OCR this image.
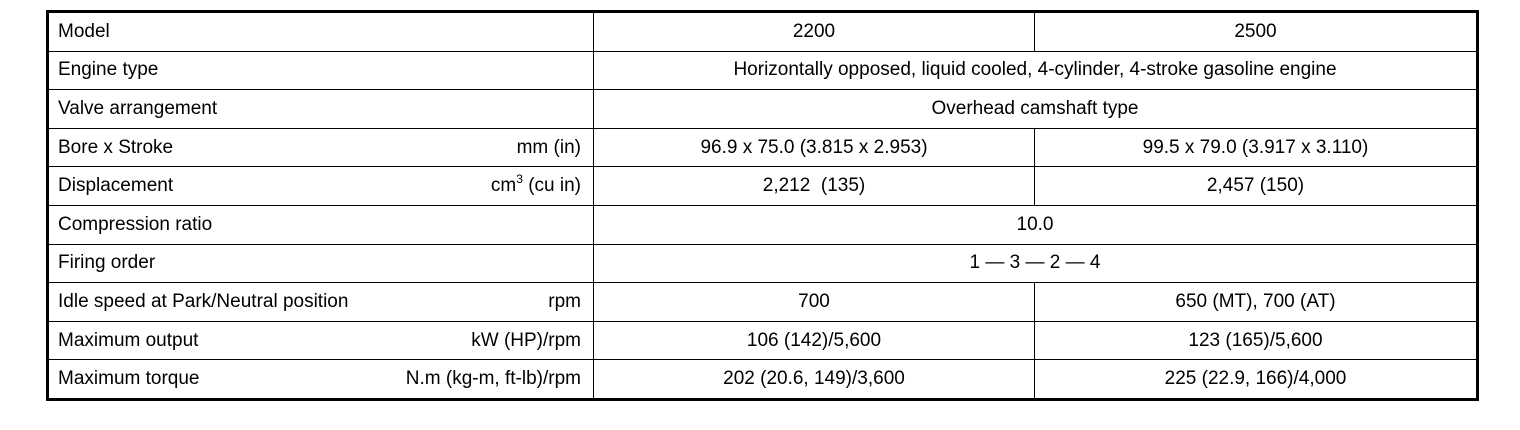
Model	2200	2500

Engine type	Horizontally opposed, liquid cooled, 4-cylinder, 4-stroke gasoline engine	

Valve arrangement	Overhead camshaft type	

Bore x Stroke mm (in)	96.9 x 75.0 (3.815 x 2.953)	99.5 x 79.0 (3.917 x 3.110)

Displacement $cm^3$ (cu in)	2,212  (135)	2,457 (150)

Compression ratio	10.0	

Firing order	1 — 3 — 2 — 4	

Idle speed at Park/Neutral position rpm	700	650 (MT), 700 (AT)

Maximum output kW (HP)/rpm	106 (142)/5,600	123 (165)/5,600

Maximum torque N.m (kg-m, ft-lb)/rpm	202 (20.6, 149)/3,600	225 (22.9, 166)/4,000
